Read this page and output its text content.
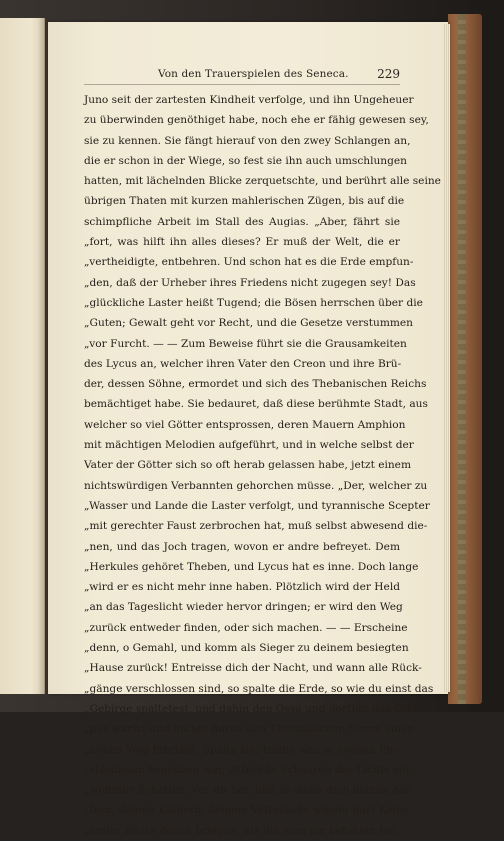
Von den Trauerspielen des Seneca. 229
Juno seit der zartesten Kindheit verfolge, und ihn Ungeheuer
zu überwinden genöthiget habe, noch ehe er fähig gewesen sey,
sie zu kennen. Sie fängt hierauf von den zwey Schlangen an,
die er schon in der Wiege, so fest sie ihn auch umschlungen
hatten, mit lächelnden Blicke zerquetschte, und berührt alle seine
übrigen Thaten mit kurzen mahlerischen Zügen, bis auf die
schimpfliche Arbeit im Stall des Augias. „Aber, fährt sie
„fort, was hilft ihn alles dieses? Er muß der Welt, die er
„vertheidigte, entbehren. Und schon hat es die Erde empfun-
„den, daß der Urheber ihres Friedens nicht zugegen sey! Das
„glückliche Laster heißt Tugend; die Bösen herrschen über die
„Guten; Gewalt geht vor Recht, und die Gesetze verstummen
„vor Furcht. — — Zum Beweise führt sie die Grausamkeiten
des Lycus an, welcher ihren Vater den Creon und ihre Brü-
der, dessen Söhne, ermordet und sich des Thebanischen Reichs
bemächtiget habe. Sie bedauret, daß diese berühmte Stadt, aus
welcher so viel Götter entsprossen, deren Mauern Amphion
mit mächtigen Melodien aufgeführt, und in welche selbst der
Vater der Götter sich so oft herab gelassen habe, jetzt einem
nichtswürdigen Verbannten gehorchen müsse. „Der, welcher zu
„Wasser und Lande die Laster verfolgt, und tyrannische Scepter
„mit gerechter Faust zerbrochen hat, muß selbst abwesend die-
„nen, und das Joch tragen, wovon er andre befreyet. Dem
„Herkules gehöret Theben, und Lycus hat es inne. Doch lange
„wird er es nicht mehr inne haben. Plötzlich wird der Held
„an das Tageslicht wieder hervor dringen; er wird den Weg
„zurück entweder finden, oder sich machen. — — Erscheine
„denn, o Gemahl, und komm als Sieger zu deinem besiegten
„Hause zurück! Entreisse dich der Nacht, und wann alle Rück-
„gänge verschlossen sind, so spalte die Erde, so wie du einst das
„Gebirge spaltetest, und dahin den Ossa und dorthin den Olym-
„pus warfst und mitten durch den Thessalischen Strom einen
„neuen Weg führtest. Spalte sie; treibe was in ewigen Fin-
„sternissen begraben war, zitternde Schaaren des Lichts ent-
„wöhnter Schatten, vor dir her, und so stelle dich deinen Ael-
„tern, deinen Kindern, deinem Vaterlande wieder dar! Keine
„andre Beute davon bringen, als die man dir befohlen hat,
